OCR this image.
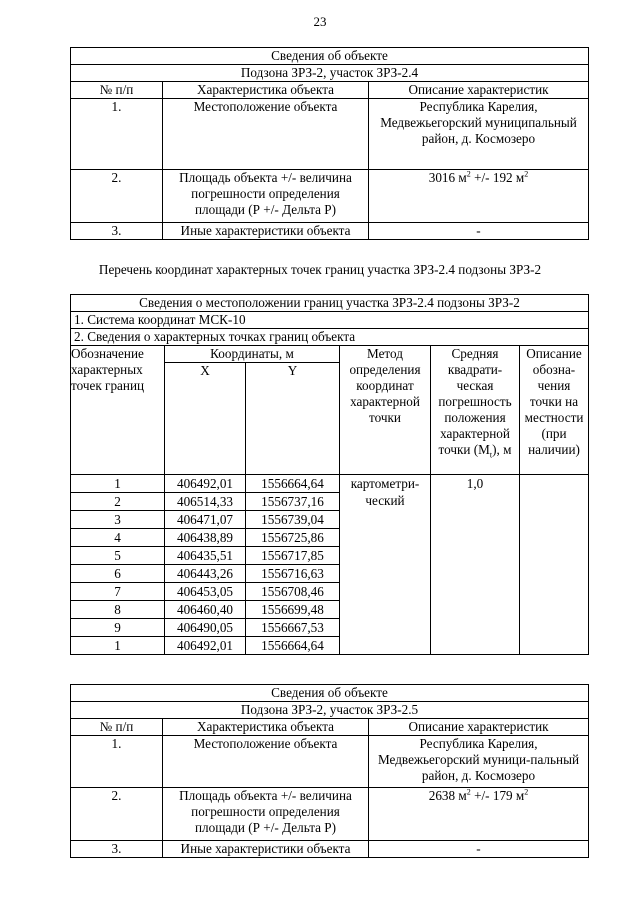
23
Сведения об объекте		
Подзона ЗРЗ-2, участок ЗРЗ-2.4		
№ п/п	Характеристика объекта	Описание характеристик
1.	Местоположение объекта	Республика Карелия, Медвежьегорский муниципальный район, д. Космозеро
2.	Площадь объекта +/- величина погрешности определения площади (Р +/- Дельта Р)	3016 $м^2$ +/- 192 $м^2$
3.	Иные характеристики объекта	-
Перечень координат характерных точек границ участка ЗРЗ-2.4 подзоны ЗРЗ-2
Сведения о местоположении границ участка ЗРЗ-2.4 подзоны ЗРЗ-2					
1. Система координат МСК-10					
2. Сведения о характерных точках границ объекта					
Обозначение характерных точек границ	Координаты, м		Метод определения координат характерной точки	Средняя квадрати-ческая погрешность положения характерной точки $(M_t)$, м	Описание обозна-чения точки на местности (при наличии)
	X	Y			
1	406492,01	1556664,64	картометри-ческий	1,0	
2	406514,33	1556737,16			
3	406471,07	1556739,04			
4	406438,89	1556725,86			
5	406435,51	1556717,85			
6	406443,26	1556716,63			
7	406453,05	1556708,46			
8	406460,40	1556699,48			
9	406490,05	1556667,53			
1	406492,01	1556664,64			
Сведения об объекте		
Подзона ЗРЗ-2, участок ЗРЗ-2.5		
№ п/п	Характеристика объекта	Описание характеристик
1.	Местоположение объекта	Республика Карелия, Медвежьегорский муници-пальный район, д. Космозеро
2.	Площадь объекта +/- величина погрешности определения площади (Р +/- Дельта Р)	2638 $м^2$ +/- 179 $м^2$
3.	Иные характеристики объекта	-
